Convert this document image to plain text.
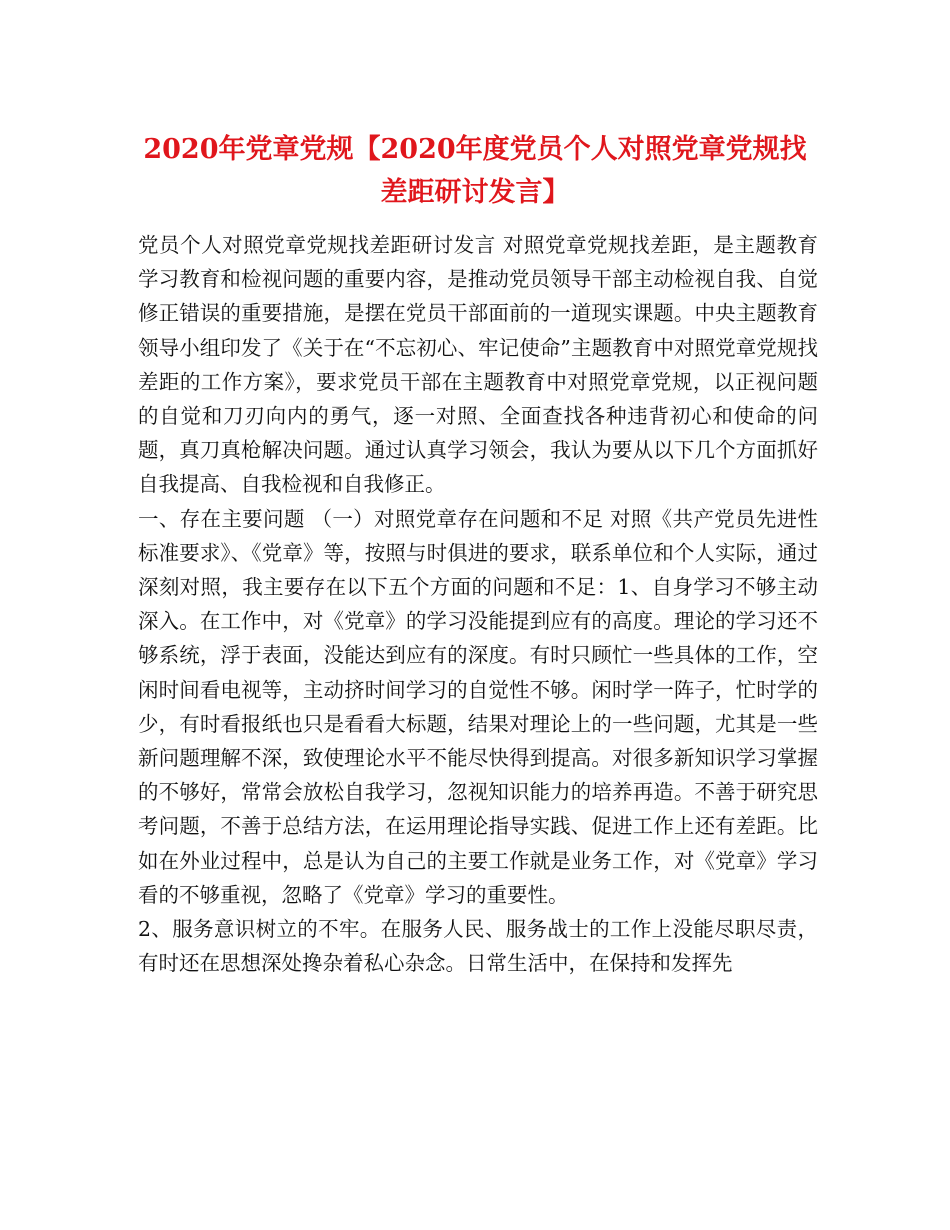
2020年党章党规【2020年度党员个人对照党章党规找
差距研讨发言】

党员个人对照党章党规找差距研讨发言 对照党章党规找差距，是主题教育学习教育和检视问题的重要内容，是推动党员领导干部主动检视自我、自觉修正错误的重要措施，是摆在党员干部面前的一道现实课题。中央主题教育领导小组印发了《关于在“不忘初心、牢记使命”主题教育中对照党章党规找差距的工作方案》，要求党员干部在主题教育中对照党章党规，以正视问题的自觉和刀刃向内的勇气，逐一对照、全面查找各种违背初心和使命的问题，真刀真枪解决问题。通过认真学习领会，我认为要从以下几个方面抓好自我提高、自我检视和自我修正。

一、存在主要问题 （一）对照党章存在问题和不足 对照《共产党员先进性标准要求》、《党章》等，按照与时俱进的要求，联系单位和个人实际，通过深刻对照，我主要存在以下五个方面的问题和不足：1、自身学习不够主动深入。在工作中，对《党章》的学习没能提到应有的高度。理论的学习还不够系统，浮于表面，没能达到应有的深度。有时只顾忙一些具体的工作，空闲时间看电视等，主动挤时间学习的自觉性不够。闲时学一阵子，忙时学的少，有时看报纸也只是看看大标题，结果对理论上的一些问题，尤其是一些新问题理解不深，致使理论水平不能尽快得到提高。对很多新知识学习掌握的不够好，常常会放松自我学习，忽视知识能力的培养再造。不善于研究思考问题，不善于总结方法，在运用理论指导实践、促进工作上还有差距。比如在外业过程中，总是认为自己的主要工作就是业务工作，对《党章》学习看的不够重视，忽略了《党章》学习的重要性。

2、服务意识树立的不牢。在服务人民、服务战士的工作上没能尽职尽责，有时还在思想深处搀杂着私心杂念。日常生活中，在保持和发挥先
